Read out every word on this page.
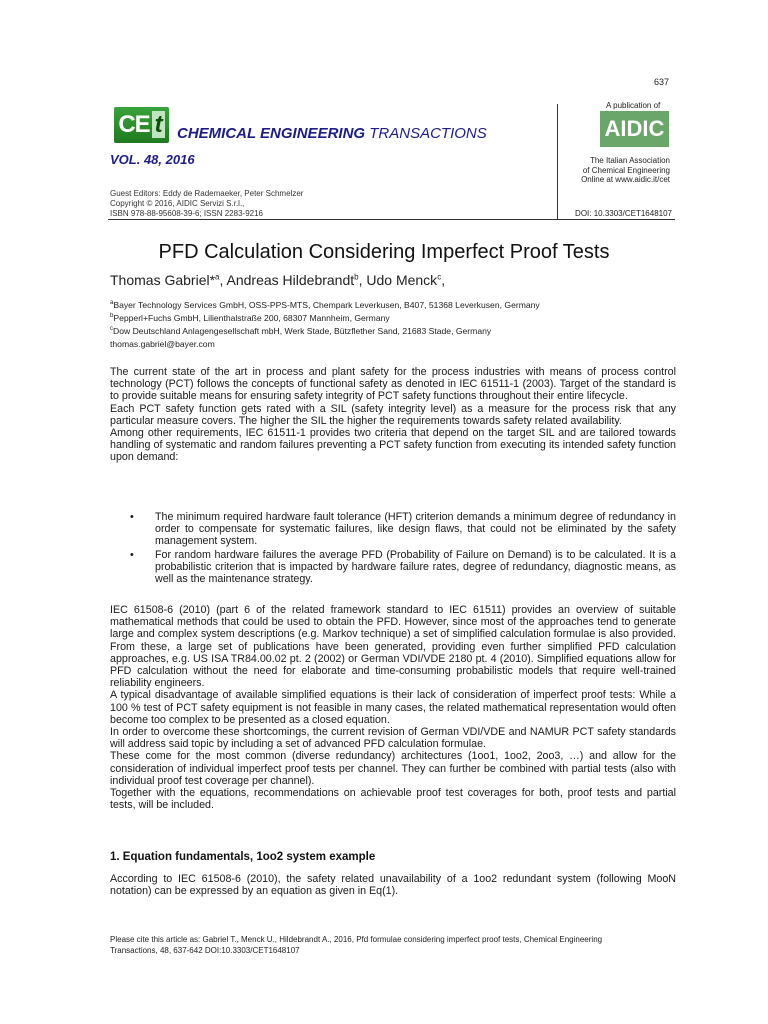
637
CE t	CHEMICAL ENGINEERING TRANSACTIONS
VOL. 48, 2016
Guest Editors: Eddy de Rademaeker, Peter Schmelzer
Copyright © 2016, AIDIC Servizi S.r.l.,
ISBN 978-88-95608-39-6; ISSN 2283-9216
A publication of
AIDIC
The Italian Association
of Chemical Engineering
Online at www.aidic.it/cet
DOI: 10.3303/CET1648107
PFD Calculation Considering Imperfect Proof Tests
Thomas Gabriel*$^a$, Andreas Hildebrandt$^b$, Udo Menck$^c$,
$^a$Bayer Technology Services GmbH, OSS-PPS-MTS, Chempark Leverkusen, B407, 51368 Leverkusen, Germany
$^b$Pepperl+Fuchs GmbH, Lilienthalstraße 200, 68307 Mannheim, Germany
$^c$Dow Deutschland Anlagengesellschaft mbH, Werk Stade, Bützflether Sand, 21683 Stade, Germany
thomas.gabriel@bayer.com

The current state of the art in process and plant safety for the process industries with means of process control technology (PCT) follows the concepts of functional safety as denoted in IEC 61511-1 (2003). Target of the standard is to provide suitable means for ensuring safety integrity of PCT safety functions throughout their entire lifecycle.

Each PCT safety function gets rated with a SIL (safety integrity level) as a measure for the process risk that any particular measure covers. The higher the SIL the higher the requirements towards safety related availability.

Among other requirements, IEC 61511-1 provides two criteria that depend on the target SIL and are tailored towards handling of systematic and random failures preventing a PCT safety function from executing its intended safety function upon demand:

• The minimum required hardware fault tolerance (HFT) criterion demands a minimum degree of redundancy in order to compensate for systematic failures, like design flaws, that could not be eliminated by the safety management system.
• For random hardware failures the average PFD (Probability of Failure on Demand) is to be calculated. It is a probabilistic criterion that is impacted by hardware failure rates, degree of redundancy, diagnostic means, as well as the maintenance strategy.

IEC 61508-6 (2010) (part 6 of the related framework standard to IEC 61511) provides an overview of suitable mathematical methods that could be used to obtain the PFD. However, since most of the approaches tend to generate large and complex system descriptions (e.g. Markov technique) a set of simplified calculation formulae is also provided. From these, a large set of publications have been generated, providing even further simplified PFD calculation approaches, e.g. US ISA TR84.00.02 pt. 2 (2002) or German VDI/VDE 2180 pt. 4 (2010). Simplified equations allow for PFD calculation without the need for elaborate and time-consuming probabilistic models that require well-trained reliability engineers.

A typical disadvantage of available simplified equations is their lack of consideration of imperfect proof tests: While a 100 % test of PCT safety equipment is not feasible in many cases, the related mathematical representation would often become too complex to be presented as a closed equation.

In order to overcome these shortcomings, the current revision of German VDI/VDE and NAMUR PCT safety standards will address said topic by including a set of advanced PFD calculation formulae.

These come for the most common (diverse redundancy) architectures (1oo1, 1oo2, 2oo3, …) and allow for the consideration of individual imperfect proof tests per channel. They can further be combined with partial tests (also with individual proof test coverage per channel).

Together with the equations, recommendations on achievable proof test coverages for both, proof tests and partial tests, will be included.

1. Equation fundamentals, 1oo2 system example
According to IEC 61508-6 (2010), the safety related unavailability of a 1oo2 redundant system (following MooN notation) can be expressed by an equation as given in Eq(1).
Please cite this article as: Gabriel T., Menck U., Hildebrandt A., 2016, Pfd formulae considering imperfect proof tests, Chemical Engineering
Transactions, 48, 637-642 DOI:10.3303/CET1648107
